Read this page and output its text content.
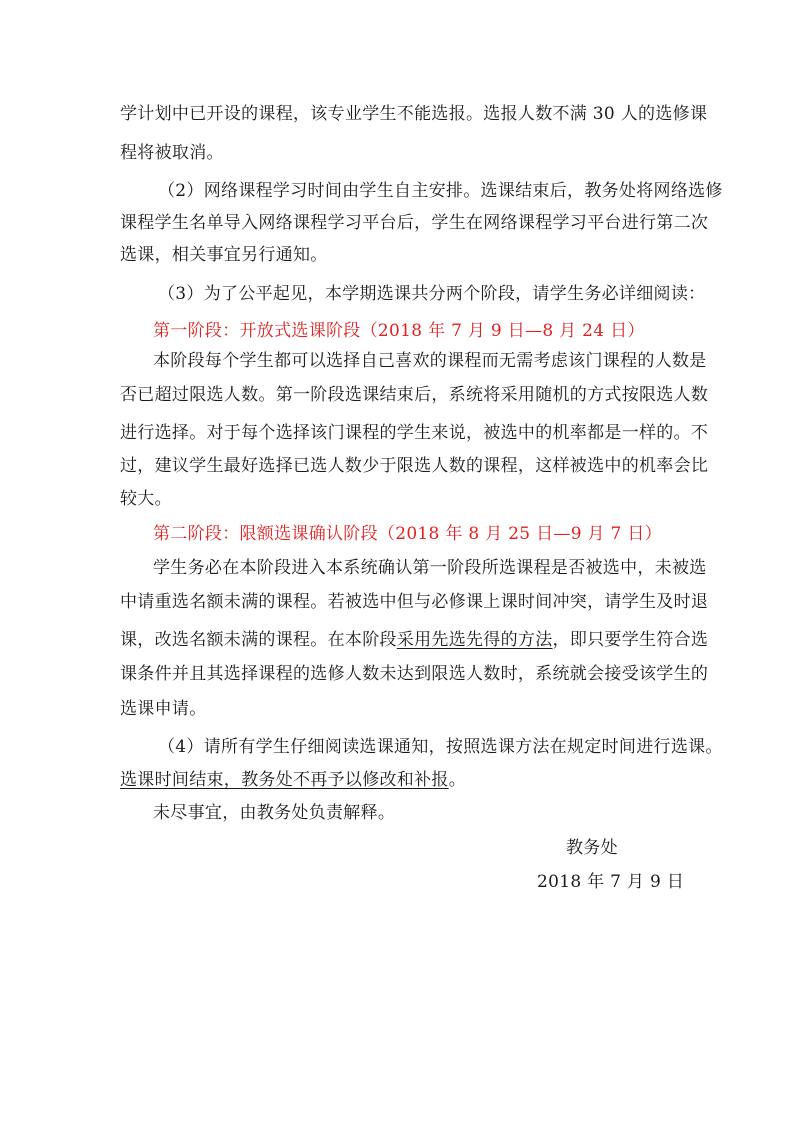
学计划中已开设的课程，该专业学生不能选报。选报人数不满 30 人的选修课
程将被取消。
（2）网络课程学习时间由学生自主安排。选课结束后，教务处将网络选修
课程学生名单导入网络课程学习平台后，学生在网络课程学习平台进行第二次
选课，相关事宜另行通知。
（3）为了公平起见，本学期选课共分两个阶段，请学生务必详细阅读：
第一阶段：开放式选课阶段（2018 年 7 月 9 日—8 月 24 日）
本阶段每个学生都可以选择自己喜欢的课程而无需考虑该门课程的人数是
否已超过限选人数。第一阶段选课结束后，系统将采用随机的方式按限选人数
进行选择。对于每个选择该门课程的学生来说，被选中的机率都是一样的。不
过，建议学生最好选择已选人数少于限选人数的课程，这样被选中的机率会比
较大。
第二阶段：限额选课确认阶段（2018 年 8 月 25 日—9 月 7 日）
学生务必在本阶段进入本系统确认第一阶段所选课程是否被选中，未被选
中请重选名额未满的课程。若被选中但与必修课上课时间冲突，请学生及时退
课，改选名额未满的课程。在本阶段采用先选先得的方法，即只要学生符合选
课条件并且其选择课程的选修人数未达到限选人数时，系统就会接受该学生的
选课申请。
（4）请所有学生仔细阅读选课通知，按照选课方法在规定时间进行选课。
选课时间结束，教务处不再予以修改和补报。
未尽事宜，由教务处负责解释。
教务处
2018 年 7 月 9 日
